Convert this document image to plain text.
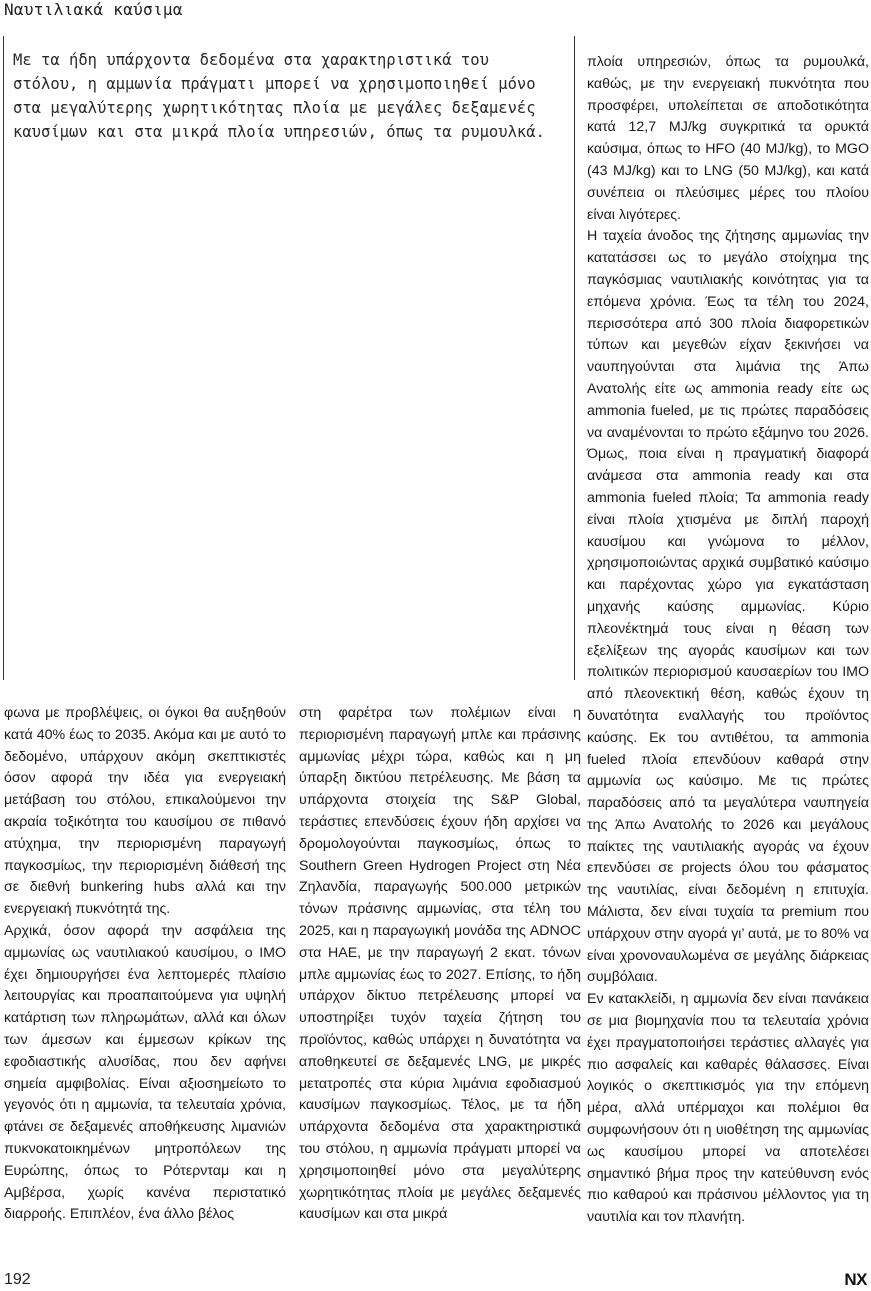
Ναυτιλιακά καύσιμα
Με τα ήδη υπάρχοντα δεδομένα στα χαρακτηριστικά του στόλου, η αμμωνία πράγματι μπορεί να χρησιμοποιηθεί μόνο στα μεγαλύτερης χωρητικότητας πλοία με μεγάλες δεξαμενές καυσίμων και στα μικρά πλοία υπηρεσιών, όπως τα ρυμουλκά.

πλοία υπηρεσιών, όπως τα ρυμουλκά, καθώς, με την ενεργειακή πυκνότητα που προσφέρει, υπολείπεται σε αποδοτικότητα κατά 12,7 MJ/kg συγκριτικά τα ορυκτά καύσιμα, όπως το HFO (40 MJ/kg), το MGO (43 MJ/kg) και το LNG (50 MJ/kg), και κατά συνέπεια οι πλεύσιμες μέρες του πλοίου είναι λιγότερες.

Η ταχεία άνοδος της ζήτησης αμμωνίας την κατατάσσει ως το μεγάλο στοίχημα της παγκόσμιας ναυτιλιακής κοινότητας για τα επόμενα χρόνια. Έως τα τέλη του 2024, περισσότερα από 300 πλοία διαφορετικών τύπων και μεγεθών είχαν ξεκινήσει να ναυπηγούνται στα λιμάνια της Άπω Ανατολής είτε ως ammonia ready είτε ως ammonia fueled, με τις πρώτες παραδόσεις να αναμένονται το πρώτο εξάμηνο του 2026. Όμως, ποια είναι η πραγματική διαφορά ανάμεσα στα ammonia ready και στα ammonia fueled πλοία; Τα ammonia ready είναι πλοία χτισμένα με διπλή παροχή καυσίμου και γνώμονα το μέλλον, χρησιμοποιώντας αρχικά συμβατικό καύσιμο και παρέχοντας χώρο για εγκατάσταση μηχανής καύσης αμμωνίας. Κύριο πλεονέκτημά τους είναι η θέαση των εξελίξεων της αγοράς καυσίμων και των πολιτικών περιορισμού καυσαερίων του IMO από πλεονεκτική θέση, καθώς έχουν τη δυνατότητα εναλλαγής του προϊόντος καύσης. Εκ του αντιθέτου, τα ammonia fueled πλοία επενδύουν καθαρά στην αμμωνία ως καύσιμο. Με τις πρώτες παραδόσεις από τα μεγαλύτερα ναυπηγεία της Άπω Ανατολής το 2026 και μεγάλους παίκτες της ναυτιλιακής αγοράς να έχουν επενδύσει σε projects όλου του φάσματος της ναυτιλίας, είναι δεδομένη η επιτυχία. Μάλιστα, δεν είναι τυχαία τα premium που υπάρχουν στην αγορά γι’ αυτά, με το 80% να είναι χρονοναυλωμένα σε μεγάλης διάρκειας συμβόλαια.

Εν κατακλείδι, η αμμωνία δεν είναι πανάκεια σε μια βιομηχανία που τα τελευταία χρόνια έχει πραγματοποιήσει τεράστιες αλλαγές για πιο ασφαλείς και καθαρές θάλασσες. Είναι λογικός ο σκεπτικισμός για την επόμενη μέρα, αλλά υπέρμαχοι και πολέμιοι θα συμφωνήσουν ότι η υιοθέτηση της αμμωνίας ως καυσίμου μπορεί να αποτελέσει σημαντικό βήμα προς την κατεύθυνση ενός πιο καθαρού και πράσινου μέλλοντος για τη ναυτιλία και τον πλανήτη.

φωνα με προβλέψεις, οι όγκοι θα αυξηθούν κατά 40% έως το 2035. Ακόμα και με αυτό το δεδομένο, υπάρχουν ακόμη σκεπτικιστές όσον αφορά την ιδέα για ενεργειακή μετάβαση του στόλου, επικαλούμενοι την ακραία τοξικότητα του καυσίμου σε πιθανό ατύχημα, την περιορισμένη παραγωγή παγκοσμίως, την περιορισμένη διάθεσή της σε διεθνή bunkering hubs αλλά και την ενεργειακή πυκνότητά της.

Αρχικά, όσον αφορά την ασφάλεια της αμμωνίας ως ναυτιλιακού καυσίμου, ο IMO έχει δημιουργήσει ένα λεπτομερές πλαίσιο λειτουργίας και προαπαιτούμενα για υψηλή κατάρτιση των πληρωμάτων, αλλά και όλων των άμεσων και έμμεσων κρίκων της εφοδιαστικής αλυσίδας, που δεν αφήνει σημεία αμφιβολίας. Είναι αξιοσημείωτο το γεγονός ότι η αμμωνία, τα τελευταία χρόνια, φτάνει σε δεξαμενές αποθήκευσης λιμανιών πυκνοκατοικημένων μητροπόλεων της Ευρώπης, όπως το Ρότερνταμ και η Αμβέρσα, χωρίς κανένα περιστατικό διαρροής. Επιπλέον, ένα άλλο βέλος

στη φαρέτρα των πολέμιων είναι η περιορισμένη παραγωγή μπλε και πράσινης αμμωνίας μέχρι τώρα, καθώς και η μη ύπαρξη δικτύου πετρέλευσης. Με βάση τα υπάρχοντα στοιχεία της S&P Global, τεράστιες επενδύσεις έχουν ήδη αρχίσει να δρομολογούνται παγκοσμίως, όπως το Southern Green Hydrogen Project στη Νέα Ζηλανδία, παραγωγής 500.000 μετρικών τόνων πράσινης αμμωνίας, στα τέλη του 2025, και η παραγωγική μονάδα της ADNOC στα ΗΑΕ, με την παραγωγή 2 εκατ. τόνων μπλε αμμωνίας έως το 2027. Επίσης, το ήδη υπάρχον δίκτυο πετρέλευσης μπορεί να υποστηρίξει τυχόν ταχεία ζήτηση του προϊόντος, καθώς υπάρχει η δυνατότητα να αποθηκευτεί σε δεξαμενές LNG, με μικρές μετατροπές στα κύρια λιμάνια εφοδιασμού καυσίμων παγκοσμίως. Τέλος, με τα ήδη υπάρχοντα δεδομένα στα χαρακτηριστικά του στόλου, η αμμωνία πράγματι μπορεί να χρησιμοποιηθεί μόνο στα μεγαλύτερης χωρητικότητας πλοία με μεγάλες δεξαμενές καυσίμων και στα μικρά

192	NX
